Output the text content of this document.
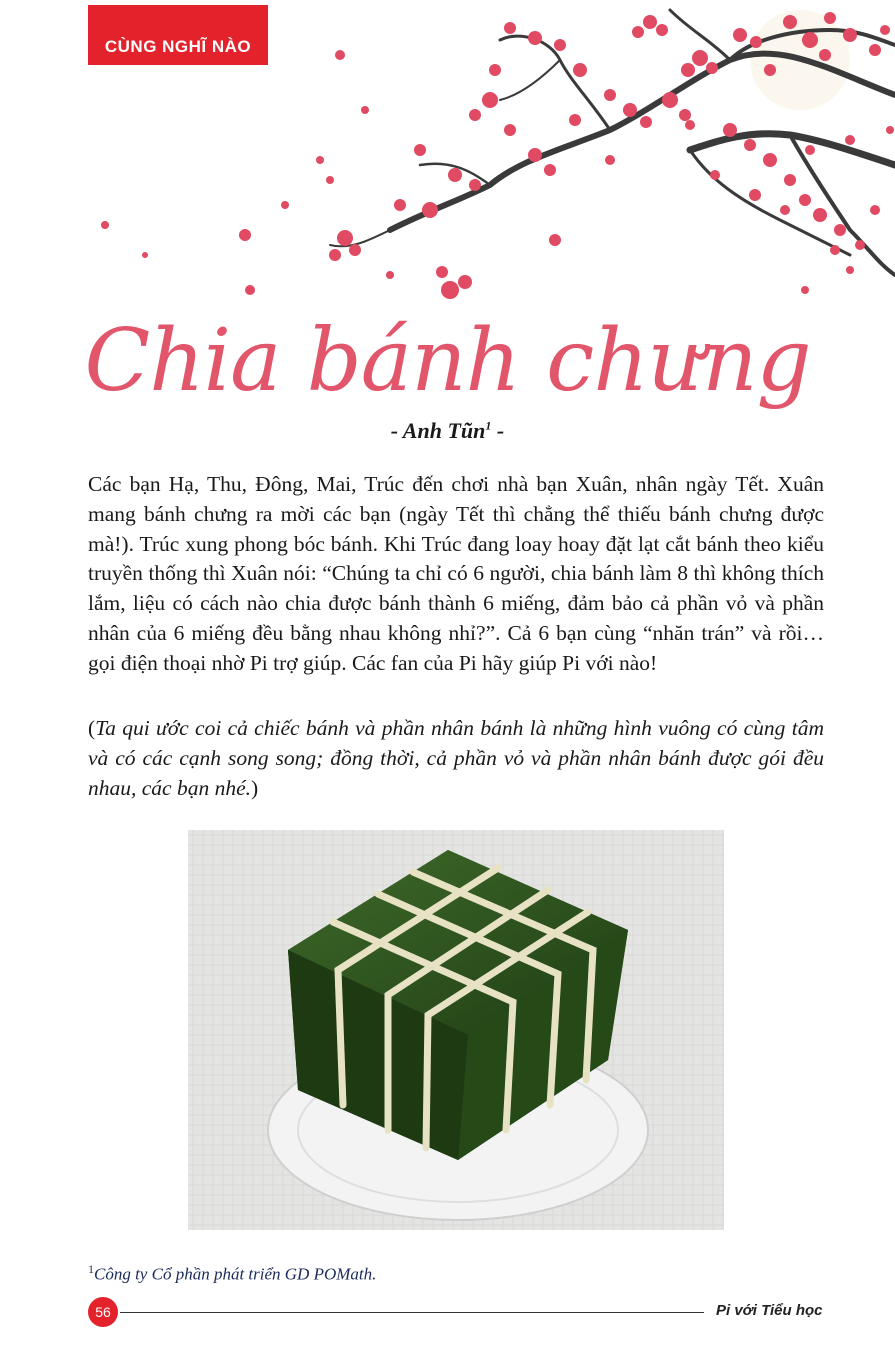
CÙNG NGHĨ NÀO
Chia bánh chưng
- Anh Tũn$^1$ -
Các bạn Hạ, Thu, Đông, Mai, Trúc đến chơi nhà bạn Xuân, nhân ngày Tết. Xuân mang bánh chưng ra mời các bạn (ngày Tết thì chẳng thể thiếu bánh chưng được mà!). Trúc xung phong bóc bánh. Khi Trúc đang loay hoay đặt lạt cắt bánh theo kiểu truyền thống thì Xuân nói: “Chúng ta chỉ có 6 người, chia bánh làm 8 thì không thích lắm, liệu có cách nào chia được bánh thành 6 miếng, đảm bảo cả phần vỏ và phần nhân của 6 miếng đều bằng nhau không nhỉ?”. Cả 6 bạn cùng “nhăn trán” và rồi… gọi điện thoại nhờ Pi trợ giúp. Các fan của Pi hãy giúp Pi với nào!
(Ta qui ước coi cả chiếc bánh và phần nhân bánh là những hình vuông có cùng tâm và có các cạnh song song; đồng thời, cả phần vỏ và phần nhân bánh được gói đều nhau, các bạn nhé.)
$^1$Công ty Cổ phần phát triển GD POMath.
56	Pi với Tiểu học
